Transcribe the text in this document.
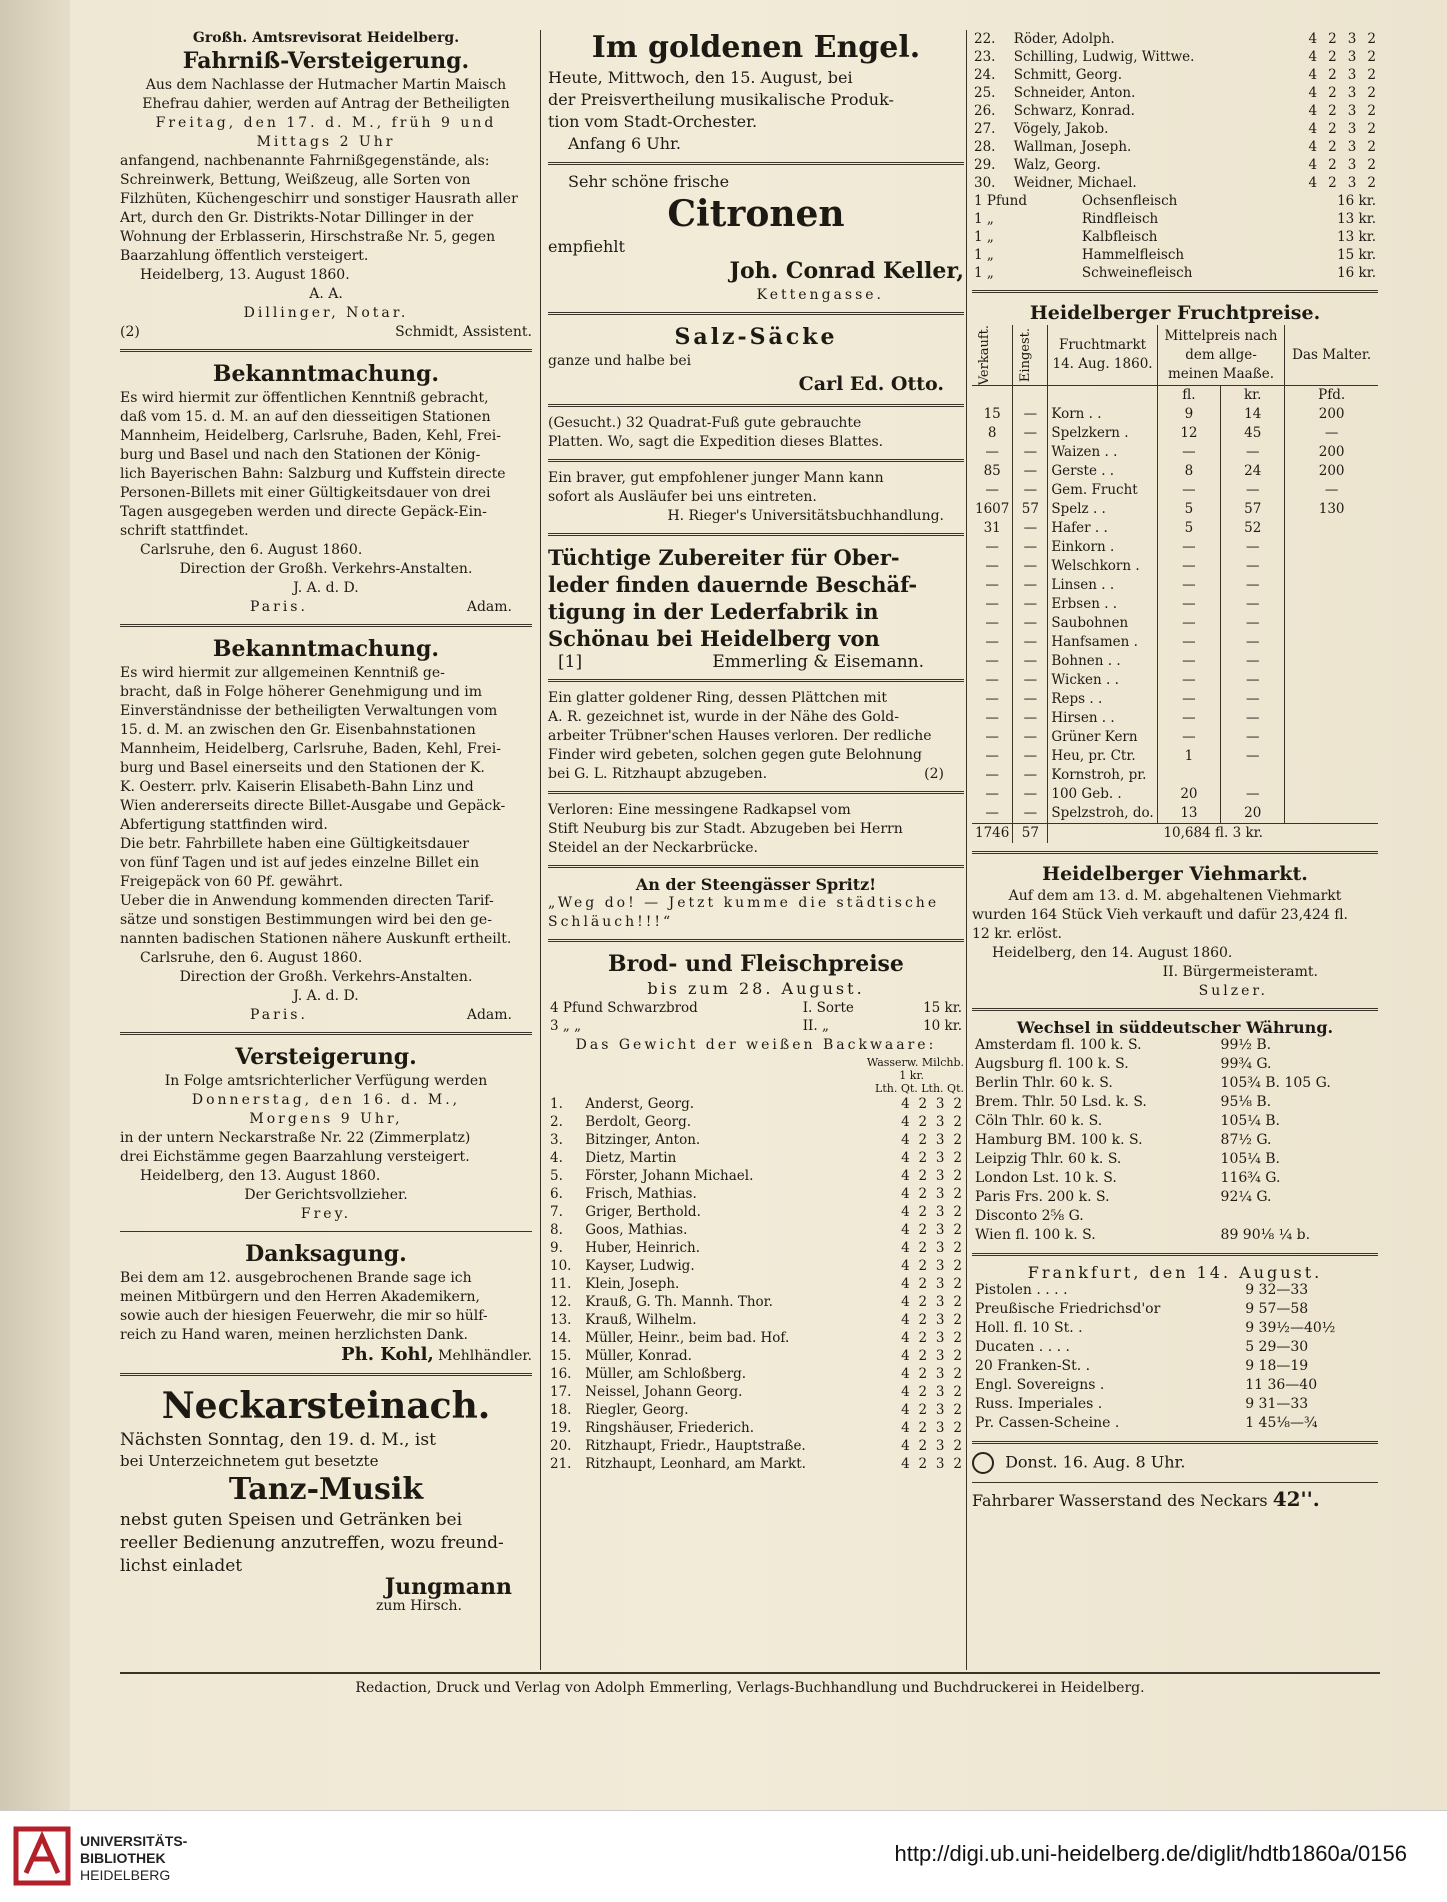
Großh. Amtsrevisorat Heidelberg.
Fahrniß-Versteigerung.
Aus dem Nachlasse der Hutmacher Martin Maisch
Ehefrau dahier, werden auf Antrag der Betheiligten
Freitag, den 17. d. M., früh 9 und
Mittags 2 Uhr
anfangend, nachbenannte Fahrnißgegenstände, als:
Schreinwerk, Bettung, Weißzeug, alle Sorten von
Filzhüten, Küchengeschirr und sonstiger Hausrath aller
Art, durch den Gr. Distrikts-Notar Dillinger in der
Wohnung der Erblasserin, Hirschstraße Nr. 5, gegen
Baarzahlung öffentlich versteigert.
Heidelberg, 13. August 1860.
A. A.
Dillinger, Notar.
(2)	Schmidt, Assistent.
Bekanntmachung.
Es wird hiermit zur öffentlichen Kenntniß gebracht,
daß vom 15. d. M. an auf den diesseitigen Stationen
Mannheim, Heidelberg, Carlsruhe, Baden, Kehl, Frei-
burg und Basel und nach den Stationen der König-
lich Bayerischen Bahn: Salzburg und Kuffstein directe
Personen-Billets mit einer Gültigkeitsdauer von drei
Tagen ausgegeben werden und directe Gepäck-Ein-
schrift stattfindet.
Carlsruhe, den 6. August 1860.
Direction der Großh. Verkehrs-Anstalten.
J. A. d. D.
Paris.	Adam.
Bekanntmachung.
Es wird hiermit zur allgemeinen Kenntniß ge-
bracht, daß in Folge höherer Genehmigung und im
Einverständnisse der betheiligten Verwaltungen vom
15. d. M. an zwischen den Gr. Eisenbahnstationen
Mannheim, Heidelberg, Carlsruhe, Baden, Kehl, Frei-
burg und Basel einerseits und den Stationen der K.
K. Oesterr. prlv. Kaiserin Elisabeth-Bahn Linz und
Wien andererseits directe Billet-Ausgabe und Gepäck-
Abfertigung stattfinden wird.
Die betr. Fahrbillete haben eine Gültigkeitsdauer
von fünf Tagen und ist auf jedes einzelne Billet ein
Freigepäck von 60 Pf. gewährt.
Ueber die in Anwendung kommenden directen Tarif-
sätze und sonstigen Bestimmungen wird bei den ge-
nannten badischen Stationen nähere Auskunft ertheilt.
Carlsruhe, den 6. August 1860.
Direction der Großh. Verkehrs-Anstalten.
J. A. d. D.
Paris.	Adam.
Versteigerung.
In Folge amtsrichterlicher Verfügung werden
Donnerstag, den 16. d. M.,
Morgens 9 Uhr,
in der untern Neckarstraße Nr. 22 (Zimmerplatz)
drei Eichstämme gegen Baarzahlung versteigert.
Heidelberg, den 13. August 1860.
Der Gerichtsvollzieher.
Frey.
Danksagung.
Bei dem am 12. ausgebrochenen Brande sage ich
meinen Mitbürgern und den Herren Akademikern,
sowie auch der hiesigen Feuerwehr, die mir so hülf-
reich zu Hand waren, meinen herzlichsten Dank.
Ph. Kohl, Mehlhändler.
Neckarsteinach.
Nächsten Sonntag, den 19. d. M., ist
bei Unterzeichnetem gut besetzte
Tanz-Musik
nebst guten Speisen und Getränken bei
reeller Bedienung anzutreffen, wozu freund-
lichst einladet
Jungmann
zum Hirsch.
Im goldenen Engel.
Heute, Mittwoch, den 15. August, bei
der Preisvertheilung musikalische Produk-
tion vom Stadt-Orchester.
Anfang 6 Uhr.
Sehr schöne frische
Citronen
empfiehlt
Joh. Conrad Keller,
Kettengasse.
Salz-Säcke
ganze und halbe bei
Carl Ed. Otto.
(Gesucht.) 32 Quadrat-Fuß gute gebrauchte
Platten. Wo, sagt die Expedition dieses Blattes.
Ein braver, gut empfohlener junger Mann kann
sofort als Ausläufer bei uns eintreten.
H. Rieger's Universitätsbuchhandlung.
Tüchtige Zubereiter für Ober-
leder finden dauernde Beschäf-
tigung in der Lederfabrik in
Schönau bei Heidelberg von
[1]	Emmerling & Eisemann.
Ein glatter goldener Ring, dessen Plättchen mit
A. R. gezeichnet ist, wurde in der Nähe des Gold-
arbeiter Trübner'schen Hauses verloren. Der redliche
Finder wird gebeten, solchen gegen gute Belohnung
bei G. L. Ritzhaupt abzugeben.	(2)
Verloren: Eine messingene Radkapsel vom
Stift Neuburg bis zur Stadt. Abzugeben bei Herrn
Steidel an der Neckarbrücke.
An der Steengässer Spritz!
„Weg do! — Jetzt kumme die städtische
Schläuch!!!“
Brod- und Fleischpreise
bis zum 28. August.
4 Pfund Schwarzbrod	I. Sorte	15 kr.
3 „ „	II. „	10 kr.
Das Gewicht der weißen Backwaare:
Wasserw. Milchb.
1 kr.
Lth. Qt. Lth. Qt.
1.	Anderst, Georg.	4	2	3	2
2.	Berdolt, Georg.	4	2	3	2
3.	Bitzinger, Anton.	4	2	3	2
4.	Dietz, Martin	4	2	3	2
5.	Förster, Johann Michael.	4	2	3	2
6.	Frisch, Mathias.	4	2	3	2
7.	Griger, Berthold.	4	2	3	2
8.	Goos, Mathias.	4	2	3	2
9.	Huber, Heinrich.	4	2	3	2
10.	Kayser, Ludwig.	4	2	3	2
11.	Klein, Joseph.	4	2	3	2
12.	Krauß, G. Th. Mannh. Thor.	4	2	3	2
13.	Krauß, Wilhelm.	4	2	3	2
14.	Müller, Heinr., beim bad. Hof.	4	2	3	2
15.	Müller, Konrad.	4	2	3	2
16.	Müller, am Schloßberg.	4	2	3	2
17.	Neissel, Johann Georg.	4	2	3	2
18.	Riegler, Georg.	4	2	3	2
19.	Ringshäuser, Friederich.	4	2	3	2
20.	Ritzhaupt, Friedr., Hauptstraße.	4	2	3	2
21.	Ritzhaupt, Leonhard, am Markt.	4	2	3	2
22.	Röder, Adolph.	4	2	3	2
23.	Schilling, Ludwig, Wittwe.	4	2	3	2
24.	Schmitt, Georg.	4	2	3	2
25.	Schneider, Anton.	4	2	3	2
26.	Schwarz, Konrad.	4	2	3	2
27.	Vögely, Jakob.	4	2	3	2
28.	Wallman, Joseph.	4	2	3	2
29.	Walz, Georg.	4	2	3	2
30.	Weidner, Michael.	4	2	3	2
1 Pfund	Ochsenfleisch	16 kr.
1 „	Rindfleisch	13 kr.
1 „	Kalbfleisch	13 kr.
1 „	Hammelfleisch	15 kr.
1 „	Schweinefleisch	16 kr.
Heidelberger Fruchtpreise.
Verkauft.	Eingest.	Fruchtmarkt 14. Aug. 1860.	Mittelpreis nach dem allge- meinen Maaße.		Das Malter.
			fl.	kr.	Pfd.
15	—	Korn . .	9	14	200
8	—	Spelzkern .	12	45	—
—	—	Waizen . .	—	—	200
85	—	Gerste . .	8	24	200
—	—	Gem. Frucht	—	—	—
1607	57	Spelz . .	5	57	130
31	—	Hafer . .	5	52	
—	—	Einkorn .	—	—	
—	—	Welschkorn .	—	—	
—	—	Linsen . .	—	—	
—	—	Erbsen . .	—	—	
—	—	Saubohnen	—	—	
—	—	Hanfsamen .	—	—	
—	—	Bohnen . .	—	—	
—	—	Wicken . .	—	—	
—	—	Reps . .	—	—	
—	—	Hirsen . .	—	—	
—	—	Grüner Kern	—	—	
—	—	Heu, pr. Ctr.	1	—	
—	—	Kornstroh, pr.			
—	—	100 Geb. .	20	—	
—	—	Spelzstroh, do.	13	20	
1746	57	10,684 fl. 3 kr.			
Heidelberger Viehmarkt.
Auf dem am 13. d. M. abgehaltenen Viehmarkt
wurden 164 Stück Vieh verkauft und dafür 23,424 fl.
12 kr. erlöst.
Heidelberg, den 14. August 1860.
II. Bürgermeisteramt.
Sulzer.
Wechsel in süddeutscher Währung.
Amsterdam fl. 100 k. S.	99½ B.
Augsburg fl. 100 k. S.	99¾ G.
Berlin Thlr. 60 k. S.	105¾ B. 105 G.
Brem. Thlr. 50 Lsd. k. S.	95⅛ B.
Cöln Thlr. 60 k. S.	105¼ B.
Hamburg BM. 100 k. S.	87½ G.
Leipzig Thlr. 60 k. S.	105¼ B.
London Lst. 10 k. S.	116¾ G.
Paris Frs. 200 k. S.	92¼ G.
Disconto 2⅝ G.	
Wien fl. 100 k. S.	89 90⅛ ¼ b.
Frankfurt, den 14. August.
Pistolen . . . .	9 32—33
Preußische Friedrichsd'or	9 57—58
Holl. fl. 10 St. .	9 39½—40½
Ducaten . . . .	5 29—30
20 Franken-St. .	9 18—19
Engl. Sovereigns .	11 36—40
Russ. Imperiales .	9 31—33
Pr. Cassen-Scheine .	1 45⅛—¾
Donst. 16. Aug. 8 Uhr.
Fahrbarer Wasserstand des Neckars 42''.
Redaction, Druck und Verlag von Adolph Emmerling, Verlags-Buchhandlung und Buchdruckerei in Heidelberg.
UNIVERSITÄTS-
BIBLIOTHEK
HEIDELBERG
http://digi.ub.uni-heidelberg.de/diglit/hdtb1860a/0156
